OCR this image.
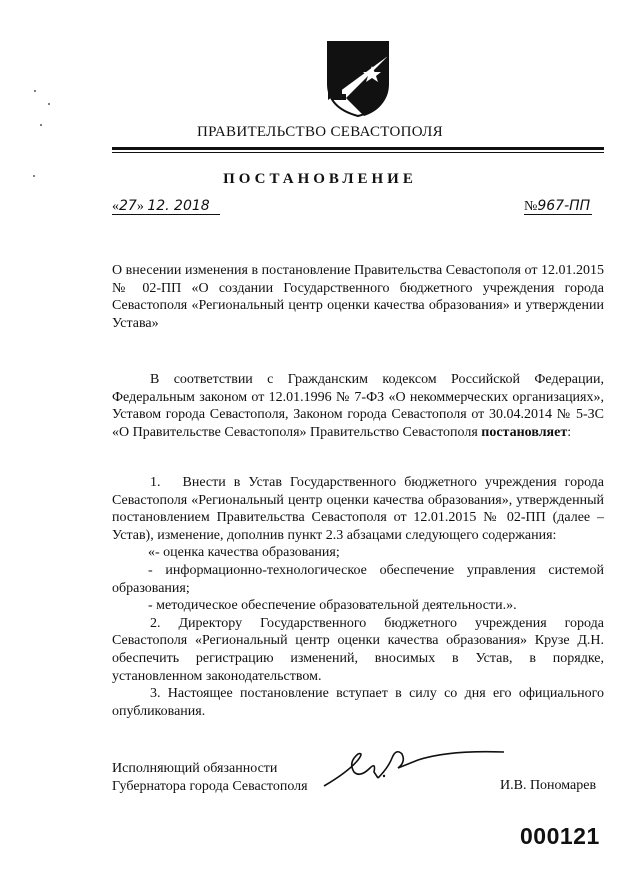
ПРАВИТЕЛЬСТВО СЕВАСТОПОЛЯ
ПОСТАНОВЛЕНИЕ
«27» 12. 2018	№967-ПП

О внесении изменения в постановление Правительства Севастополя от 12.01.2015 № 02-ПП «О создании Государственного бюджетного учреждения города Севастополя «Региональный центр оценки качества образования» и утверждении Устава»

В соответствии с Гражданским кодексом Российской Федерации, Федеральным законом от 12.01.1996 № 7-ФЗ «О некоммерческих организациях», Уставом города Севастополя, Законом города Севастополя от 30.04.2014 № 5-ЗС «О Правительстве Севастополя» Правительство Севастополя постановляет:

1.  Внести в Устав Государственного бюджетного учреждения города Севастополя «Региональный центр оценки качества образования», утвержденный постановлением Правительства Севастополя от 12.01.2015 № 02-ПП (далее – Устав), изменение, дополнив пункт 2.3 абзацами следующего содержания:

«- оценка качества образования;

- информационно-технологическое обеспечение управления системой образования;

- методическое обеспечение образовательной деятельности.».

2. Директору Государственного бюджетного учреждения города Севастополя «Региональный центр оценки качества образования» Крузе Д.Н. обеспечить регистрацию изменений, вносимых в Устав, в порядке, установленном законодательством.

3. Настоящее постановление вступает в силу со дня его официального опубликования.

Исполняющий обязанности
Губернатора города Севастополя	И.В. Пономарев
000121
